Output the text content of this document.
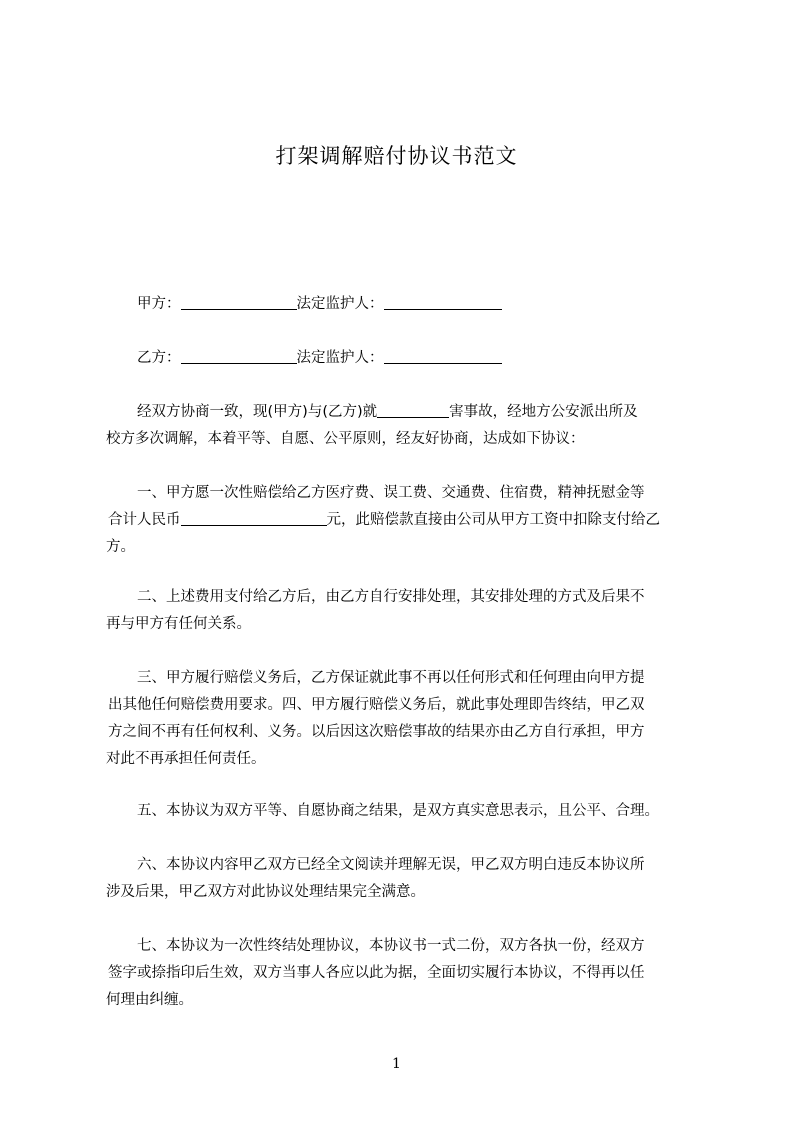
打架调解赔付协议书范文
甲方：	法定监护人：
乙方：	法定监护人：
经双方协商一致，现(甲方)与(乙方)就	害事故，经地方公安派出所及
校方多次调解，本着平等、自愿、公平原则，经友好协商，达成如下协议：
一、甲方愿一次性赔偿给乙方医疗费、误工费、交通费、住宿费，精神抚慰金等
合计人民币	元，此赔偿款直接由公司从甲方工资中扣除支付给乙
方。
二、上述费用支付给乙方后，由乙方自行安排处理，其安排处理的方式及后果不
再与甲方有任何关系。
三、甲方履行赔偿义务后，乙方保证就此事不再以任何形式和任何理由向甲方提
出其他任何赔偿费用要求。四、甲方履行赔偿义务后，就此事处理即告终结，甲乙双
方之间不再有任何权利、义务。以后因这次赔偿事故的结果亦由乙方自行承担，甲方
对此不再承担任何责任。
五、本协议为双方平等、自愿协商之结果，是双方真实意思表示，且公平、合理。
六、本协议内容甲乙双方已经全文阅读并理解无误，甲乙双方明白违反本协议所
涉及后果，甲乙双方对此协议处理结果完全满意。
七、本协议为一次性终结处理协议，本协议书一式二份，双方各执一份，经双方
签字或捺指印后生效，双方当事人各应以此为据，全面切实履行本协议，不得再以任
何理由纠缠。
1
